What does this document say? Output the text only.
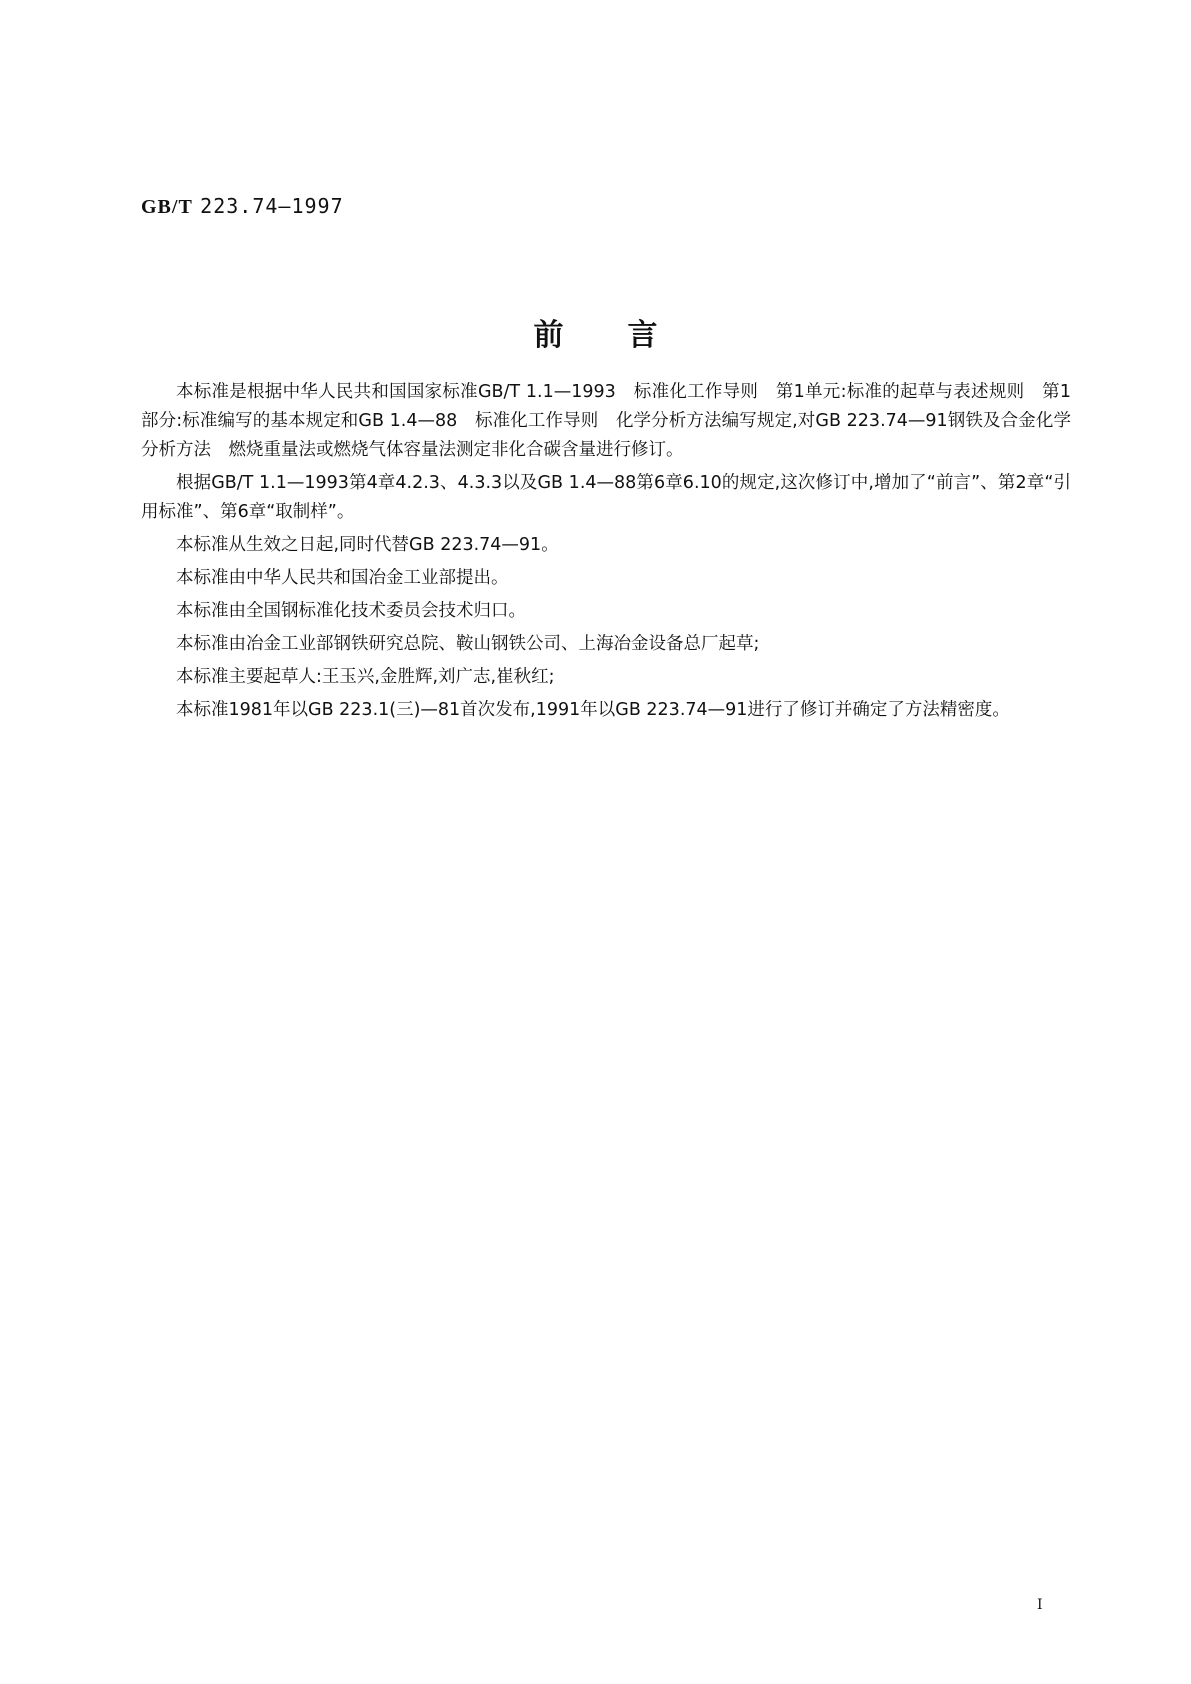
GB/T 223.74—1997
前言

本标准是根据中华人民共和国国家标准GB/T 1.1—1993　标准化工作导则　第1单元:标准的起草与表述规则　第1部分:标准编写的基本规定和GB 1.4—88　标准化工作导则　化学分析方法编写规定,对GB 223.74—91钢铁及合金化学分析方法　燃烧重量法或燃烧气体容量法测定非化合碳含量进行修订。

根据GB/T 1.1—1993第4章4.2.3、4.3.3以及GB 1.4—88第6章6.10的规定,这次修订中,增加了“前言”、第2章“引用标准”、第6章“取制样”。

本标准从生效之日起,同时代替GB 223.74—91。

本标准由中华人民共和国冶金工业部提出。

本标准由全国钢标准化技术委员会技术归口。

本标准由冶金工业部钢铁研究总院、鞍山钢铁公司、上海冶金设备总厂起草;

本标准主要起草人:王玉兴,金胜辉,刘广志,崔秋红;

本标准1981年以GB 223.1(三)—81首次发布,1991年以GB 223.74—91进行了修订并确定了方法精密度。

I
